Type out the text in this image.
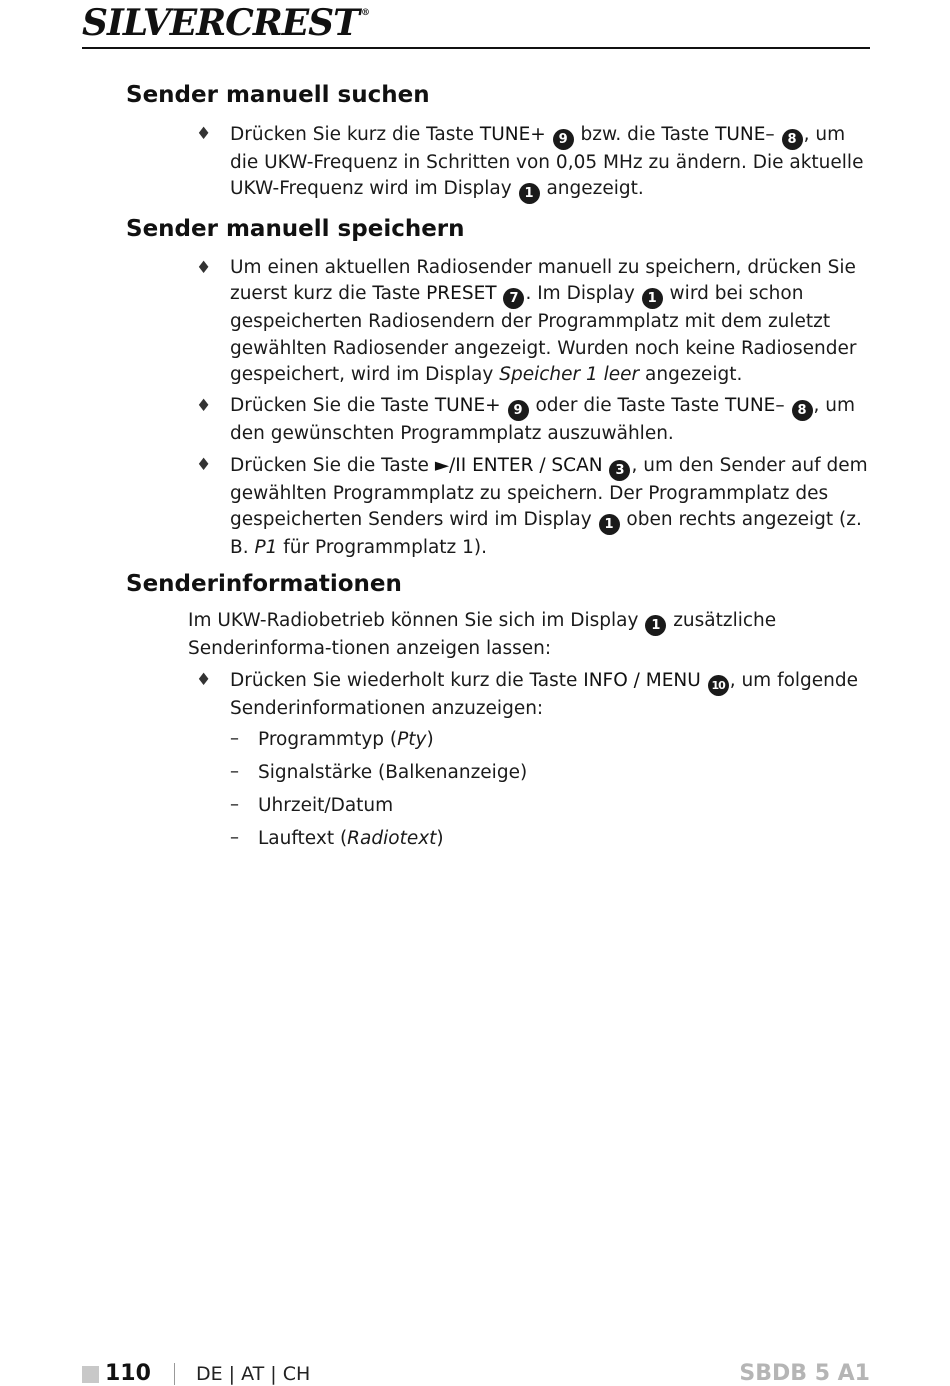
SILVERCREST ®
Sender manuell suchen
♦ Drücken Sie kurz die Taste TUNE+ 9 bzw. die Taste TUNE– 8 , um die UKW-Frequenz in Schritten von 0,05 MHz zu ändern. Die aktuelle UKW-Frequenz wird im Display 1 angezeigt.

Sender manuell speichern
♦ Um einen aktuellen Radiosender manuell zu speichern, drücken Sie zuerst kurz die Taste PRESET 7 . Im Display 1 wird bei schon gespeicherten Radiosendern der Programmplatz mit dem zuletzt gewählten Radiosender angezeigt. Wurden noch keine Radiosender gespeichert, wird im Display Speicher 1 leer angezeigt.

♦ Drücken Sie die Taste TUNE+ 9 oder die Taste Taste TUNE– 8 , um den gewünschten Programmplatz auszuwählen.

♦ Drücken Sie die Taste ►/II ENTER / SCAN 3 , um den Sender auf dem gewählten Programmplatz zu speichern. Der Programmplatz des gespeicherten Senders wird im Display 1 oben rechts angezeigt (z. B. P1 für Programmplatz 1).

Senderinformationen

Im UKW-Radiobetrieb können Sie sich im Display 1 zusätzliche Senderinforma-tionen anzeigen lassen:

♦ Drücken Sie wiederholt kurz die Taste INFO / MENU 10 , um folgende Senderinformationen anzuzeigen:

– Programmtyp (Pty)
– Signalstärke (Balkenanzeige)
– Uhrzeit/Datum
– Lauftext (Radiotext)
110 DE | AT | CH	SBDB 5 A1
